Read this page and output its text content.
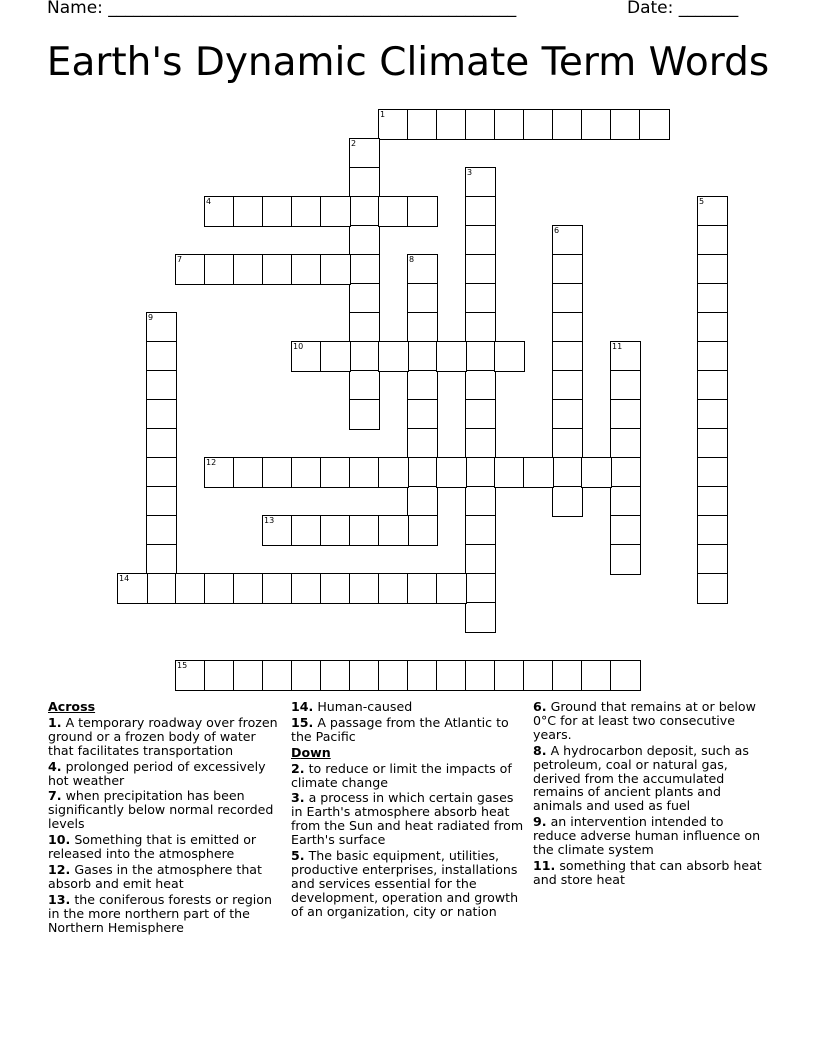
Name: ________________________________________________	Date: _______
Earth's Dynamic Climate Term Words
1
2
3
4	5
6
7	8
9
10	11
12
13
14
15
Across
1. A temporary roadway over frozen ground or a frozen body of water that facilitates transportation
4. prolonged period of excessively hot weather
7. when precipitation has been significantly below normal recorded levels
10. Something that is emitted or released into the atmosphere
12. Gases in the atmosphere that absorb and emit heat
13. the coniferous forests or region in the more northern part of the Northern Hemisphere
14. Human-caused
15. A passage from the Atlantic to the Pacific
Down
2. to reduce or limit the impacts of climate change
3. a process in which certain gases in Earth's atmosphere absorb heat from the Sun and heat radiated from Earth's surface
5. The basic equipment, utilities, productive enterprises, installations and services essential for the development, operation and growth of an organization, city or nation
6. Ground that remains at or below 0°C for at least two consecutive years.
8. A hydrocarbon deposit, such as petroleum, coal or natural gas, derived from the accumulated remains of ancient plants and animals and used as fuel
9. an intervention intended to reduce adverse human influence on the climate system
11. something that can absorb heat and store heat
